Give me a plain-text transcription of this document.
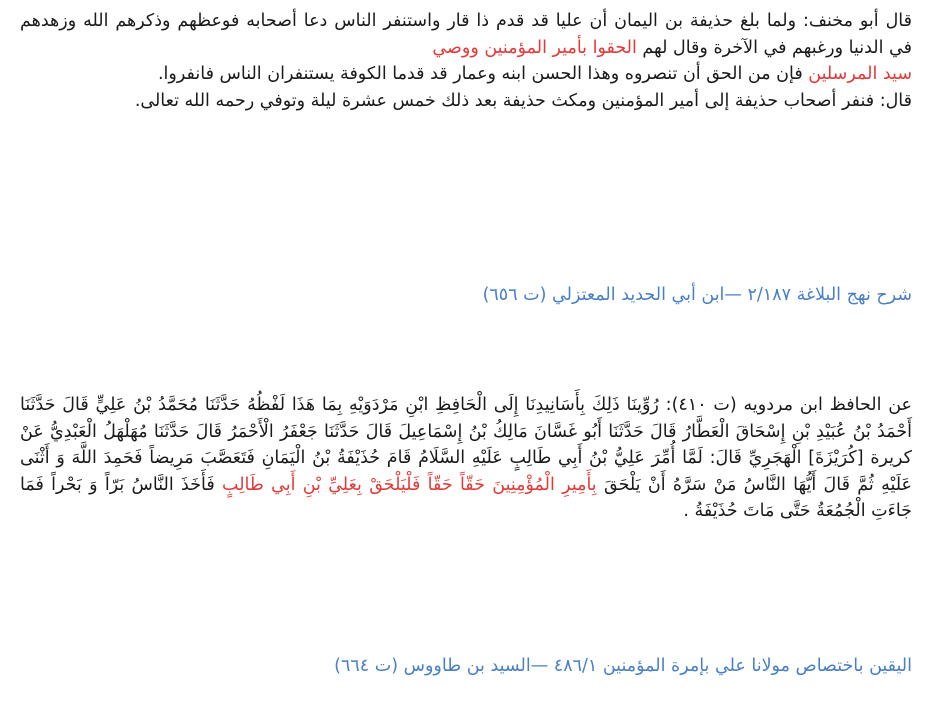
قال أبو مخنف: ولما بلغ حذيفة بن اليمان أن عليا قد قدم ذا قار واستنفر الناس دعا أصحابه فوعظهم وذكرهم الله وزهدهم في الدنيا ورغبهم في الآخرة وقال لهم الحقوا بأمير المؤمنين ووصي
سيد المرسلين فإن من الحق أن تنصروه وهذا الحسن ابنه وعمار قد قدما الكوفة يستنفران الناس فانفروا.

قال: فنفر أصحاب حذيفة إلى أمير المؤمنين ومكث حذيفة بعد ذلك خمس عشرة ليلة وتوفي رحمه الله تعالى.

شرح نهج البلاغة ٢/١٨٧ —ابن أبي الحديد المعتزلي (ت ٦٥٦)

عن الحافظ ابن مردويه (ت ٤١٠): رُوِّينَا ذَلِكَ بِأَسَانِيدِنَا إِلَى الْحَافِظِ ابْنِ مَرْدَوَيْهِ بِمَا هَذَا لَفْظُهُ حَدَّثَنَا مُحَمَّدُ بْنُ عَلِيٍّ قَالَ حَدَّثَنَا أَحْمَدُ بْنُ عُبَيْدِ بْنِ إِسْحَاقَ الْعَطَّارُ قَالَ حَدَّثَنَا أَبُو غَسَّانَ مَالِكُ بْنُ إِسْمَاعِيلَ قَالَ حَدَّثَنَا جَعْفَرُ الْأَحْمَرُ قَالَ حَدَّثَنَا مُهَلْهَلُ الْعَبْدِيُّ عَنْ كريرة [كُرَيْزَةَ] الْهَجَرِيِّ قَالَ: لَمَّا أُمِّرَ عَلِيُّ بْنُ أَبِي طَالِبٍ عَلَيْهِ السَّلَامُ قَامَ حُذَيْفَةُ بْنُ الْيَمَانِ فَتَعَصَّبَ مَرِيضاً فَحَمِدَ اللَّهَ وَ أَثْنَى عَلَيْهِ ثُمَّ قَالَ أَيُّهَا النَّاسُ مَنْ سَرَّهُ أَنْ يَلْحَقَ بِأَمِيرِ الْمُؤْمِنِينَ حَقّاً حَقّاً فَلْيَلْحَقْ بِعَلِيِّ بْنِ أَبِي طَالِبٍ فَأَخَذَ النَّاسُ بَرّاً وَ بَحْراً فَمَا جَاءَتِ الْجُمُعَةُ حَتَّى مَاتَ حُذَيْفَةُ .

اليقين باختصاص مولانا علي بإمرة المؤمنين ٤٨٦/١ —السيد بن طاووس (ت ٦٦٤)
